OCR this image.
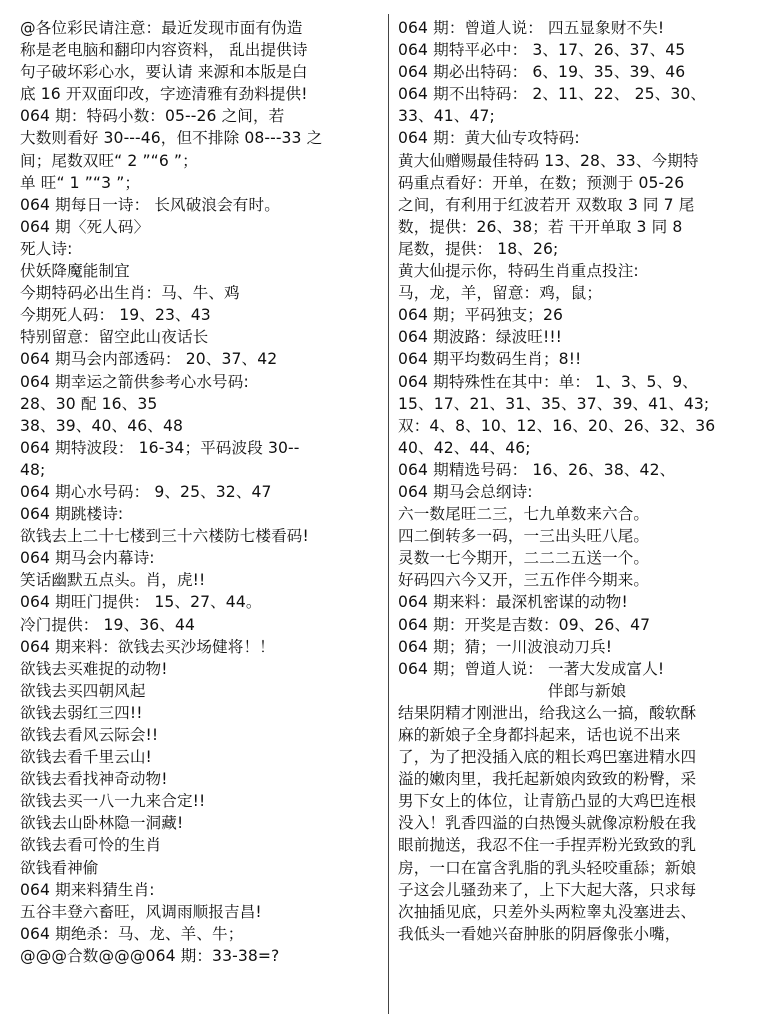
@各位彩民请注意：最近发现市面有伪造
称是老电脑和翻印内容资料， 乱出提供诗
句子破坏彩心水，要认请 来源和本版是白
底 16 开双面印改，字迹清雅有劲料提供!
064 期：特码小数：05--26 之间，若
大数则看好 30---46，但不排除 08---33 之
间；尾数双旺“ 2 ”“6 ”；
单 旺“ 1 ”“3 ”；
064 期每日一诗： 长风破浪会有时。
064 期〈死人码〉
死人诗:
伏妖降魔能制宜
今期特码必出生肖：马、牛、鸡
今期死人码： 19、23、43
特别留意：留空此山夜话长
064 期马会内部透码： 20、37、42
064 期幸运之箭供参考心水号码:
28、30 配 16、35
38、39、40、46、48
064 期特波段： 16-34；平码波段 30--
48;
064 期心水号码： 9、25、32、47
064 期跳楼诗:
欲钱去上二十七楼到三十六楼防七楼看码!
064 期马会内幕诗:
笑话幽默五点头。肖，虎!!
064 期旺门提供： 15、27、44。
冷门提供： 19、36、44
064 期来料：欲钱去买沙场健将！！
欲钱去买难捉的动物!
欲钱去买四朝风起
欲钱去弱红三四!!
欲钱去看风云际会!!
欲钱去看千里云山!
欲钱去看找神奇动物!
欲钱去买一八一九来合定!!
欲钱去山卧林隐一洞藏!
欲钱去看可怜的生肖
欲钱看神偷
064 期来料猜生肖:
五谷丰登六畜旺，风调雨顺报吉昌!
064 期绝杀：马、龙、羊、牛；
@@@合数@@@064 期：33-38=?
064 期：曾道人说： 四五显象财不失!
064 期特平必中： 3、17、26、37、45
064 期必出特码： 6、19、35、39、46
064 期不出特码： 2、11、22、 25、30、
33、41、47;
064 期：黄大仙专攻特码:
黄大仙赠赐最佳特码 13、28、33、今期特
码重点看好：开单，在数；预测于 05-26
之间，有利用于红波若开 双数取 3 同 7 尾
数，提供：26、38；若 干开单取 3 同 8
尾数，提供： 18、26;
黄大仙提示你，特码生肖重点投注:
马，龙，羊，留意：鸡，鼠；
064 期；平码独支；26
064 期波路：绿波旺!!!
064 期平均数码生肖；8!!
064 期特殊性在其中：单： 1、3、5、9、
15、17、21、31、35、37、39、41、43;
双：4、8、10、12、16、20、26、32、36
40、42、44、46;
064 期精选号码： 16、26、38、42、
064 期马会总纲诗:
六一数尾旺二三，七九单数来六合。
四二倒转多一码，一三出头旺八尾。
灵数一七今期开，二二二五送一个。
好码四六今又开，三五作伴今期来。
064 期来料：最深机密谋的动物!
064 期：开奖是吉数：09、26、47
064 期；猜；一川波浪动刀兵!
064 期；曾道人说： 一著大发成富人!
伴郎与新娘
结果阴精才刚泄出，给我这么一搞，酸软酥
麻的新娘子全身都抖起来，话也说不出来
了，为了把没插入底的粗长鸡巴塞进精水四
溢的嫩肉里，我托起新娘肉致致的粉臀，采
男下女上的体位，让青筋凸显的大鸡巴连根
没入！乳香四溢的白热馒头就像凉粉般在我
眼前抛送，我忍不住一手捏弄粉光致致的乳
房，一口在富含乳脂的乳头轻咬重舔；新娘
子这会儿骚劲来了，上下大起大落，只求每
次抽插见底，只差外头两粒睾丸没塞进去、
我低头一看她兴奋肿胀的阴唇像张小嘴，
